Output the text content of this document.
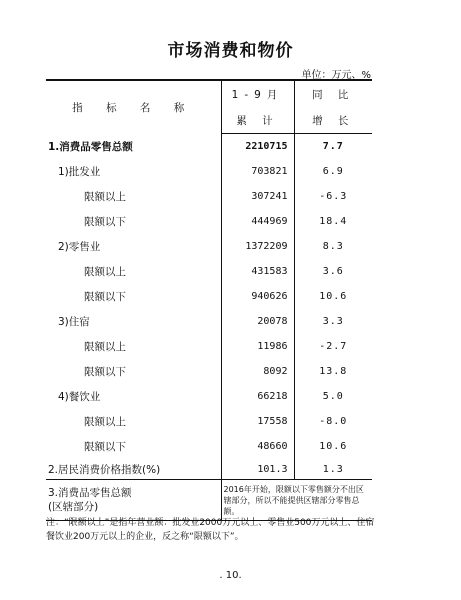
市场消费和物价
单位：万元、%
指 标 名 称	1-9月	同 比
	累 计	增 长
1.消费品零售总额	2210715	7.7
1)批发业	703821	6.9
限额以上	307241	-6.3
限额以下	444969	18.4
2)零售业	1372209	8.3
限额以上	431583	3.6
限额以下	940626	10.6
3)住宿	20078	3.3
限额以上	11986	-2.7
限额以下	8092	13.8
4)餐饮业	66218	5.0
限额以上	17558	-8.0
限额以下	48660	10.6
2.居民消费价格指数(%)	101.3	1.3
3.消费品零售总额
(区辖部分)	2016年开始，限额以下零售额分不出区辖部分，所以不能提供区辖部分零售总额。	
注：“限额以上”是指年营业额：批发业2000万元以上、零售业500万元以上、住宿餐饮业200万元以上的企业，反之称“限额以下”。
. 10.
